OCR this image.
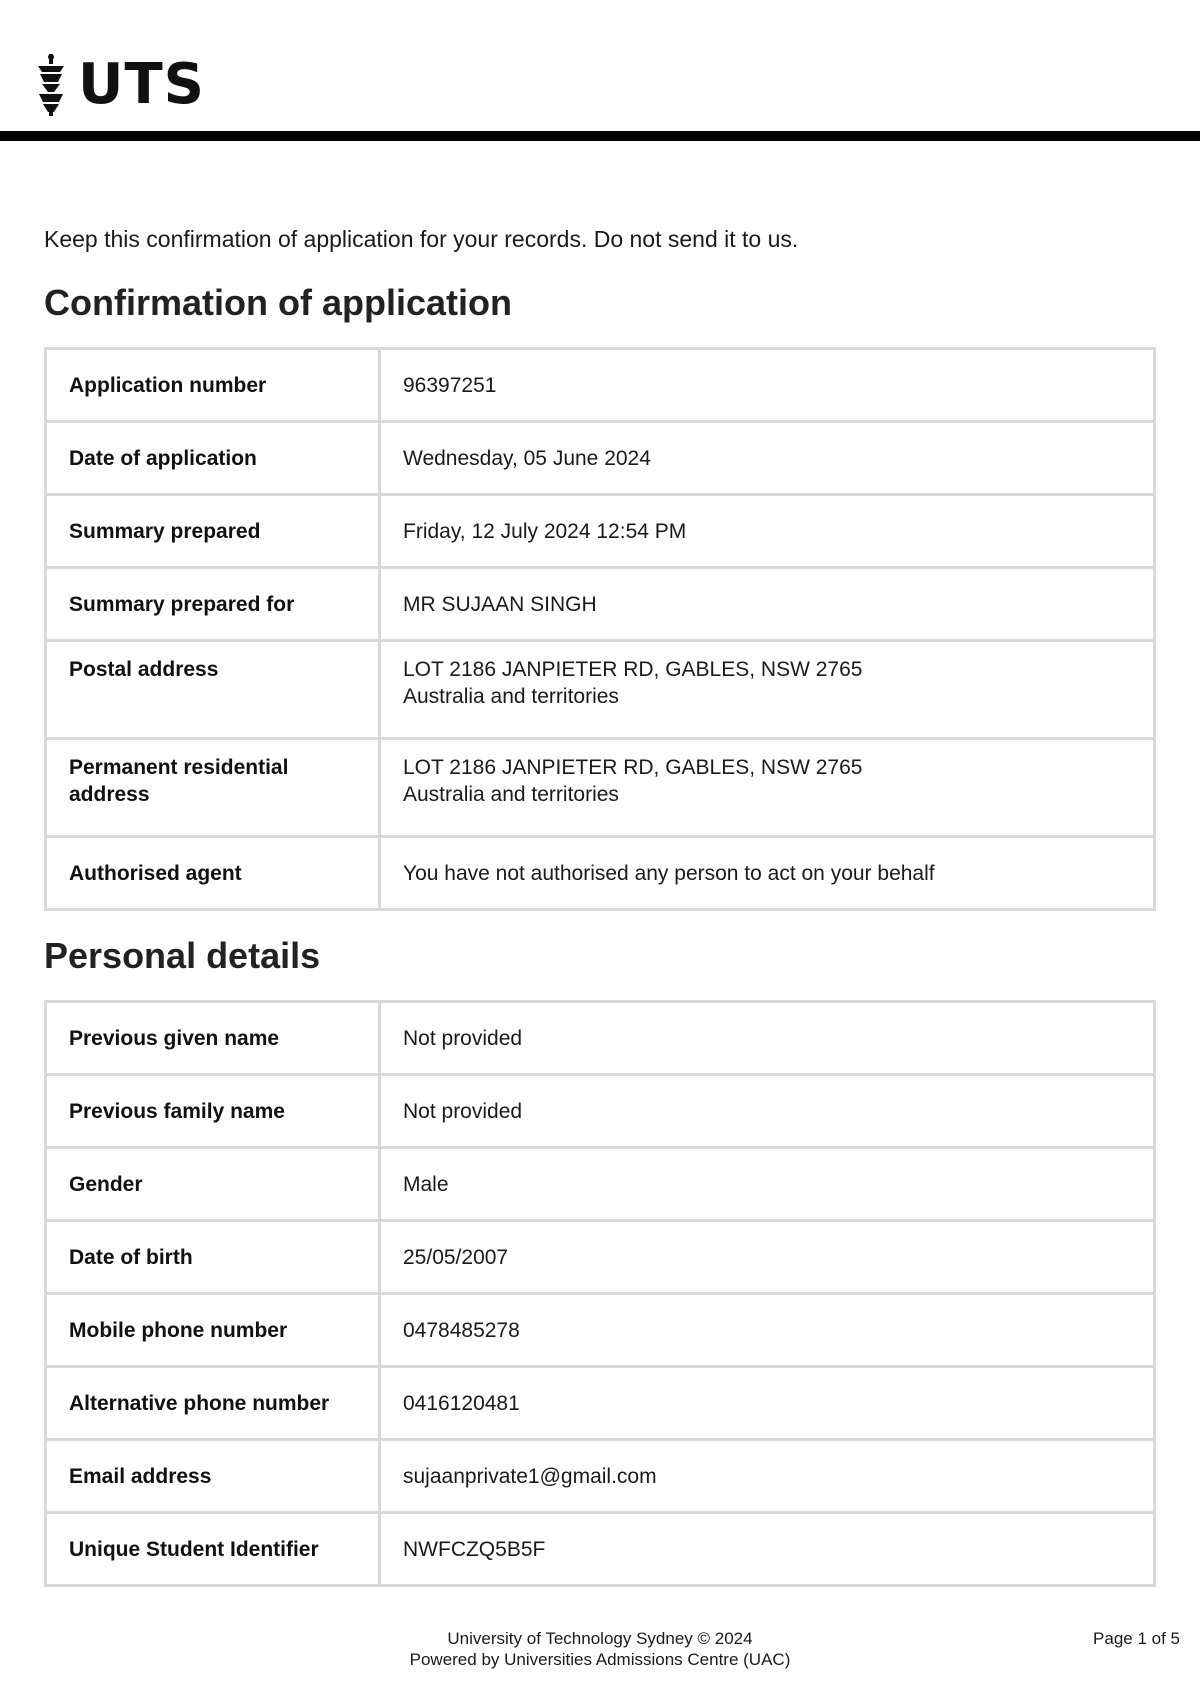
UTS
Keep this confirmation of application for your records. Do not send it to us.
Confirmation of application
Application number	96397251
Date of application	Wednesday, 05 June 2024
Summary prepared	Friday, 12 July 2024 12:54 PM
Summary prepared for	MR SUJAAN SINGH
Postal address	LOT 2186 JANPIETER RD, GABLES, NSW 2765
Australia and territories

Permanent residential address	LOT 2186 JANPIETER RD, GABLES, NSW 2765
Australia and territories

Authorised agent	You have not authorised any person to act on your behalf
Personal details
Previous given name	Not provided
Previous family name	Not provided
Gender	Male
Date of birth	25/05/2007
Mobile phone number	0478485278
Alternative phone number	0416120481
Email address	sujaanprivate1@gmail.com
Unique Student Identifier	NWFCZQ5B5F
University of Technology Sydney © 2024
Powered by Universities Admissions Centre (UAC)
Page 1 of 5
